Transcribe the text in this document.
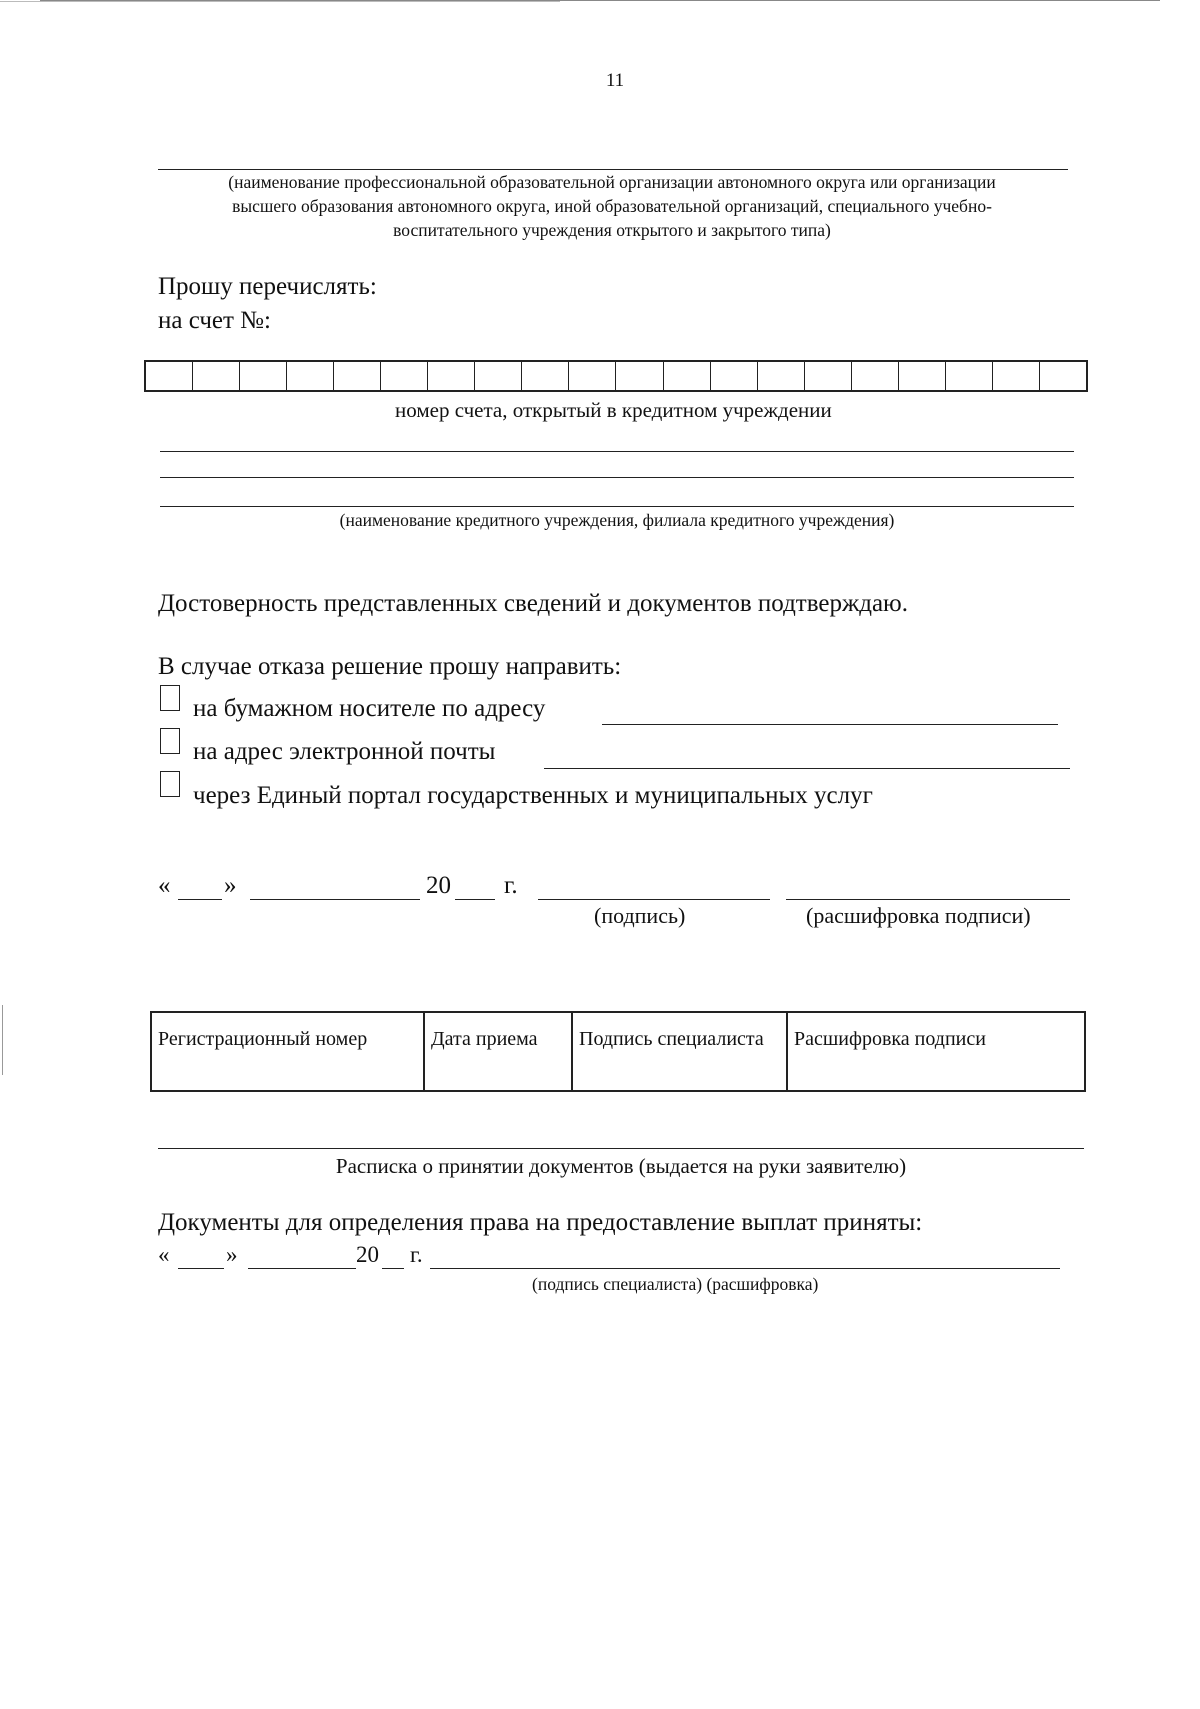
11
(наименование профессиональной образовательной организации автономного округа или организации
высшего образования автономного округа, иной образовательной организаций, специального учебно-
воспитательного учреждения открытого и закрытого типа)
Прошу перечислять:
на счет №:
номер счета, открытый в кредитном учреждении
(наименование кредитного учреждения, филиала кредитного учреждения)
Достоверность представленных сведений и документов подтверждаю.
В случае отказа решение прошу направить:
на бумажном носителе по адресу
на адрес электронной почты
через Единый портал государственных и муниципальных услуг
« »	20 г.
(подпись)	(расшифровка подписи)
Регистрационный номер	Дата приема	Подпись специалиста	Расшифровка подписи
Расписка о принятии документов (выдается на руки заявителю)
Документы для определения права на предоставление выплат приняты:
« »	20 г.
(подпись специалиста) (расшифровка)
